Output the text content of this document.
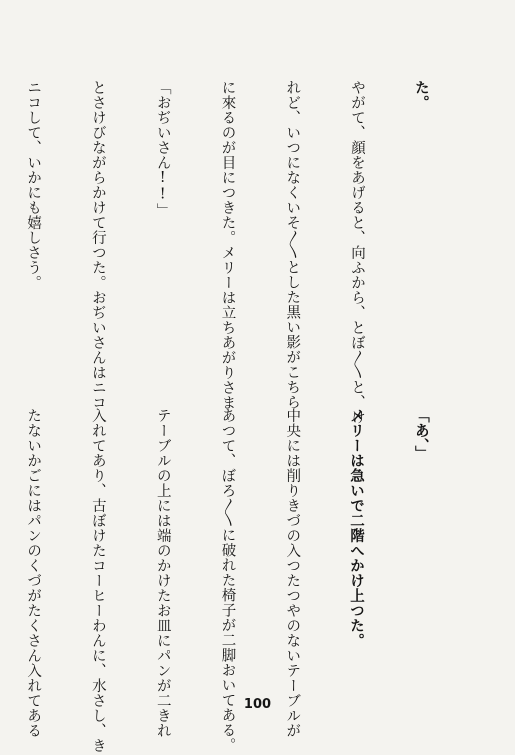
た。

やがて、顔をあげると、向ふから、とぼ〳〵と、け

れど、いつになくいそ〳〵とした黒い影がこちら

に來るのが目につきた。メリーは立ちあがりさま

「おぢいさん!!」

とさけびながらかけて行つた。おぢいさんはニコ

ニコして、いかにも嬉しさう。

「あ、」

メリーは急いで二階へかけ上つた。

中央には削りきづの入つたつやのないテーブルが

あつて、ぼろ〳〵に破れた椅子が二脚おいてある。

テーブルの上には端のかけたお皿にパンが二きれ

入れてあり、古ぼけたコーヒーわんに、水さし、き

たないかごにはパンのくづがたくさん入れてある

	100
